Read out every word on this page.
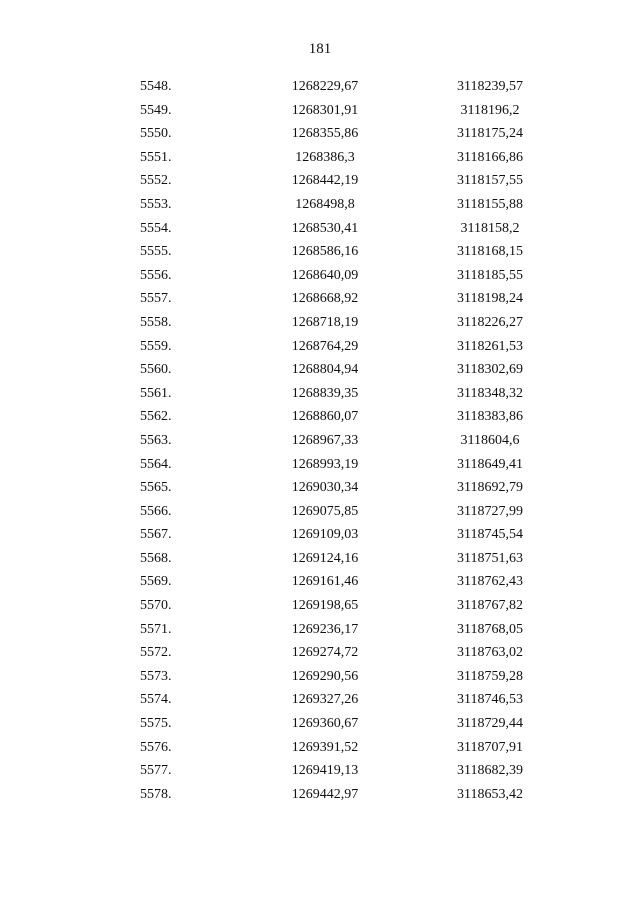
181
5548.	1268229,67	3118239,57
5549.	1268301,91	3118196,2
5550.	1268355,86	3118175,24
5551.	1268386,3	3118166,86
5552.	1268442,19	3118157,55
5553.	1268498,8	3118155,88
5554.	1268530,41	3118158,2
5555.	1268586,16	3118168,15
5556.	1268640,09	3118185,55
5557.	1268668,92	3118198,24
5558.	1268718,19	3118226,27
5559.	1268764,29	3118261,53
5560.	1268804,94	3118302,69
5561.	1268839,35	3118348,32
5562.	1268860,07	3118383,86
5563.	1268967,33	3118604,6
5564.	1268993,19	3118649,41
5565.	1269030,34	3118692,79
5566.	1269075,85	3118727,99
5567.	1269109,03	3118745,54
5568.	1269124,16	3118751,63
5569.	1269161,46	3118762,43
5570.	1269198,65	3118767,82
5571.	1269236,17	3118768,05
5572.	1269274,72	3118763,02
5573.	1269290,56	3118759,28
5574.	1269327,26	3118746,53
5575.	1269360,67	3118729,44
5576.	1269391,52	3118707,91
5577.	1269419,13	3118682,39
5578.	1269442,97	3118653,42
